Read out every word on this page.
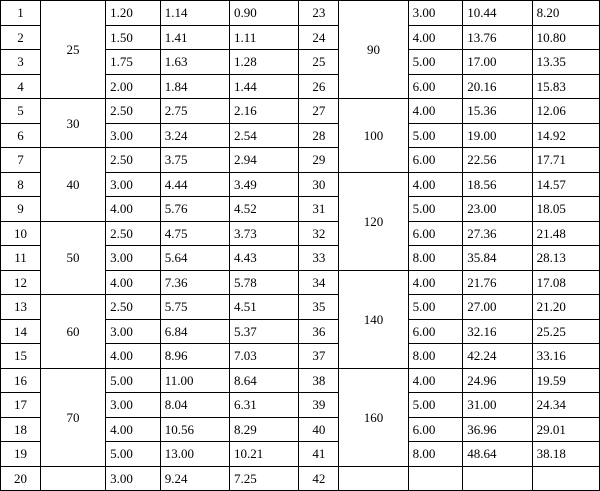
1	25	1.20	1.14	0.90	23	90	3.00	10.44	8.20
2		1.50	1.41	1.11	24		4.00	13.76	10.80
3		1.75	1.63	1.28	25		5.00	17.00	13.35
4		2.00	1.84	1.44	26		6.00	20.16	15.83
5	30	2.50	2.75	2.16	27	100	4.00	15.36	12.06
6		3.00	3.24	2.54	28		5.00	19.00	14.92
7	40	2.50	3.75	2.94	29		6.00	22.56	17.71
8		3.00	4.44	3.49	30	120	4.00	18.56	14.57
9		4.00	5.76	4.52	31		5.00	23.00	18.05
10	50	2.50	4.75	3.73	32		6.00	27.36	21.48
11		3.00	5.64	4.43	33		8.00	35.84	28.13
12		4.00	7.36	5.78	34	140	4.00	21.76	17.08
13	60	2.50	5.75	4.51	35		5.00	27.00	21.20
14		3.00	6.84	5.37	36		6.00	32.16	25.25
15		4.00	8.96	7.03	37		8.00	42.24	33.16
16	70	5.00	11.00	8.64	38	160	4.00	24.96	19.59
17		3.00	8.04	6.31	39		5.00	31.00	24.34
18		4.00	10.56	8.29	40		6.00	36.96	29.01
19		5.00	13.00	10.21	41		8.00	48.64	38.18
20		3.00	9.24	7.25	42				
